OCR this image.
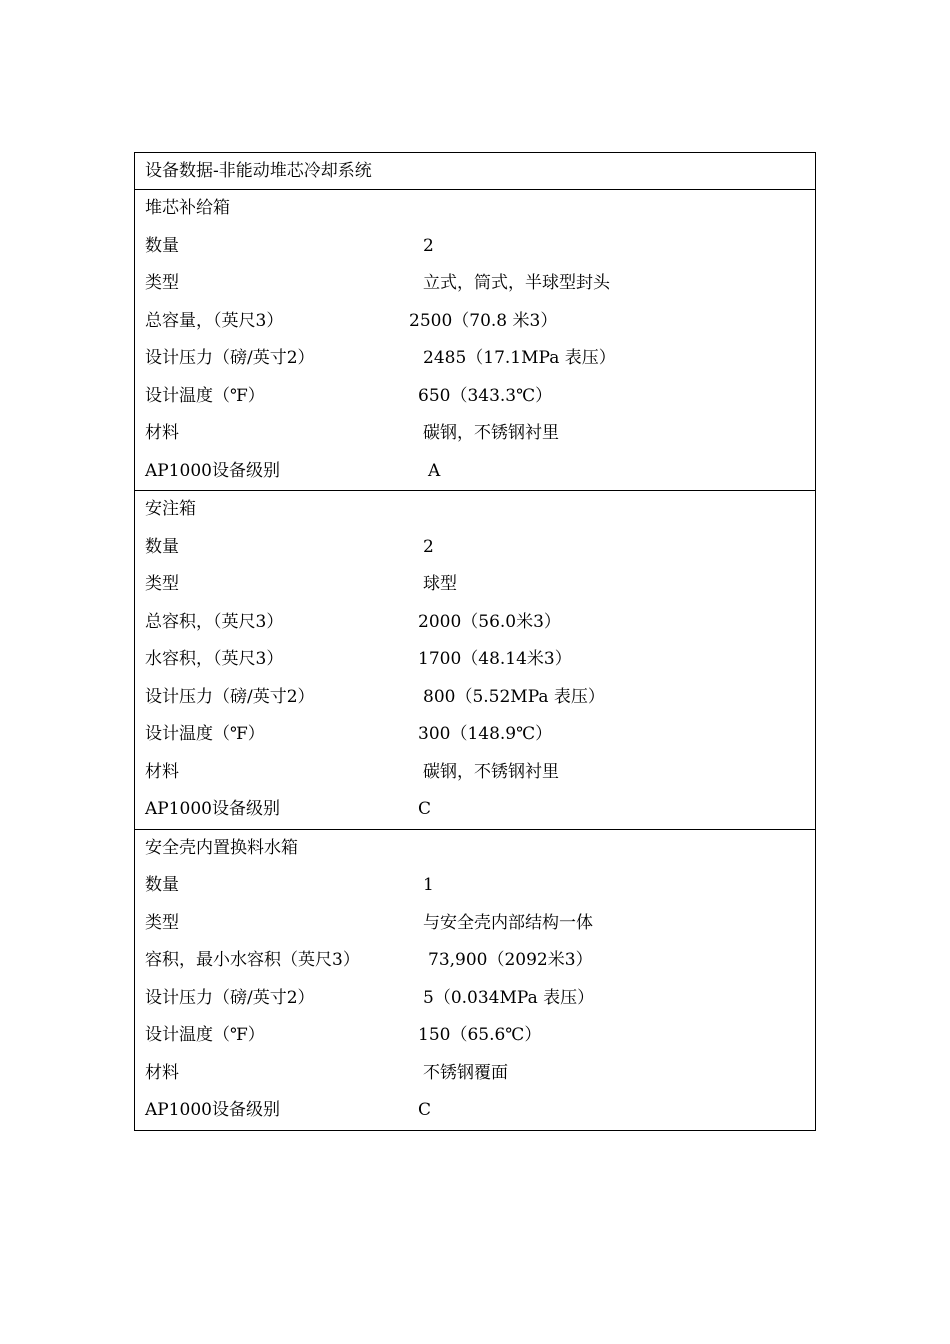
设备数据-非能动堆芯冷却系统
堆芯补给箱
数量	2
类型	立式，筒式，半球型封头
总容量，（英尺3）	2500（70.8 米3）
设计压力（磅/英寸2）	2485（17.1MPa 表压）
设计温度（℉）	650（343.3℃）
材料	碳钢，不锈钢衬里
AP1000设备级别	A
安注箱
数量	2
类型	球型
总容积，（英尺3）	2000（56.0米3）
水容积，（英尺3）	1700（48.14米3）
设计压力（磅/英寸2）	800（5.52MPa 表压）
设计温度（℉）	300（148.9℃）
材料	碳钢，不锈钢衬里
AP1000设备级别	C
安全壳内置换料水箱
数量	1
类型	与安全壳内部结构一体
容积，最小水容积（英尺3）	73,900（2092米3）
设计压力（磅/英寸2）	5（0.034MPa 表压）
设计温度（℉）	150（65.6℃）
材料	不锈钢覆面
AP1000设备级别	C
